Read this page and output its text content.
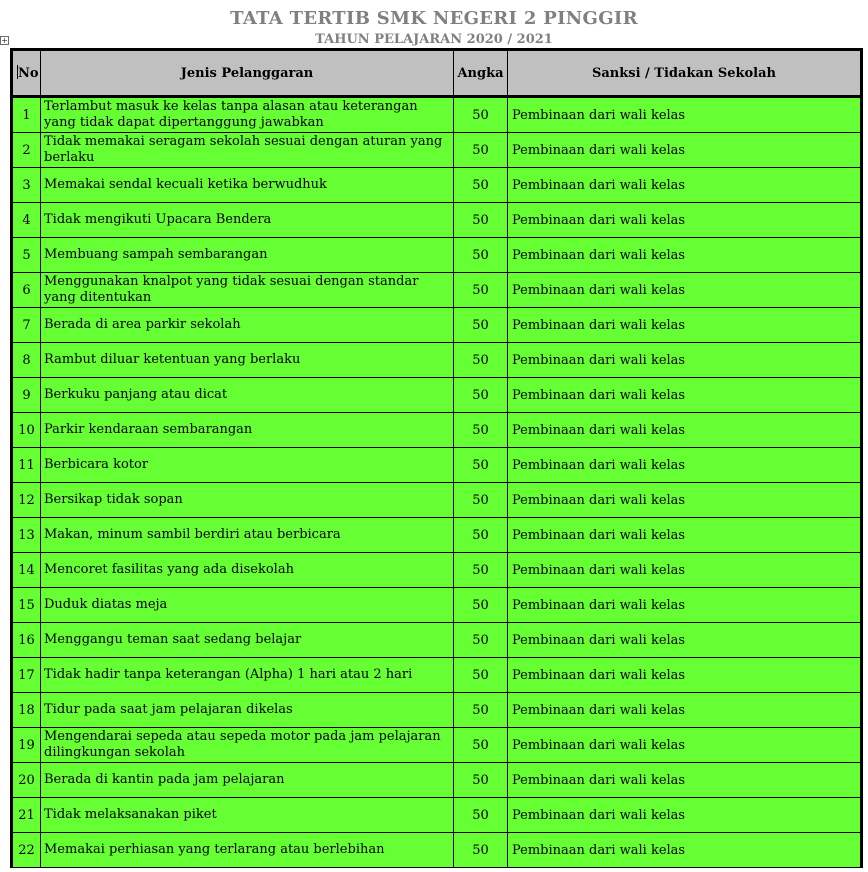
TATA TERTIB SMK NEGERI 2 PINGGIR
TAHUN PELAJARAN 2020 / 2021
+
No	Jenis Pelanggaran	Angka	Sanksi / Tidakan Sekolah
1	Terlambut masuk ke kelas tanpa alasan atau keterangan yang tidak dapat dipertanggung jawabkan	50	Pembinaan dari wali kelas
2	Tidak memakai seragam sekolah sesuai dengan aturan yang berlaku	50	Pembinaan dari wali kelas
3	Memakai sendal kecuali ketika berwudhuk	50	Pembinaan dari wali kelas
4	Tidak mengikuti Upacara Bendera	50	Pembinaan dari wali kelas
5	Membuang sampah sembarangan	50	Pembinaan dari wali kelas
6	Menggunakan knalpot yang tidak sesuai dengan standar yang ditentukan	50	Pembinaan dari wali kelas
7	Berada di area parkir sekolah	50	Pembinaan dari wali kelas
8	Rambut diluar ketentuan yang berlaku	50	Pembinaan dari wali kelas
9	Berkuku panjang atau dicat	50	Pembinaan dari wali kelas
10	Parkir kendaraan sembarangan	50	Pembinaan dari wali kelas
11	Berbicara kotor	50	Pembinaan dari wali kelas
12	Bersikap tidak sopan	50	Pembinaan dari wali kelas
13	Makan, minum sambil berdiri atau berbicara	50	Pembinaan dari wali kelas
14	Mencoret fasilitas yang ada disekolah	50	Pembinaan dari wali kelas
15	Duduk diatas meja	50	Pembinaan dari wali kelas
16	Menggangu teman saat sedang belajar	50	Pembinaan dari wali kelas
17	Tidak hadir tanpa keterangan (Alpha) 1 hari atau 2 hari	50	Pembinaan dari wali kelas
18	Tidur pada saat jam pelajaran dikelas	50	Pembinaan dari wali kelas
19	Mengendarai sepeda atau sepeda motor pada jam pelajaran dilingkungan sekolah	50	Pembinaan dari wali kelas
20	Berada di kantin pada jam pelajaran	50	Pembinaan dari wali kelas
21	Tidak melaksanakan piket	50	Pembinaan dari wali kelas
22	Memakai perhiasan yang terlarang atau berlebihan	50	Pembinaan dari wali kelas
